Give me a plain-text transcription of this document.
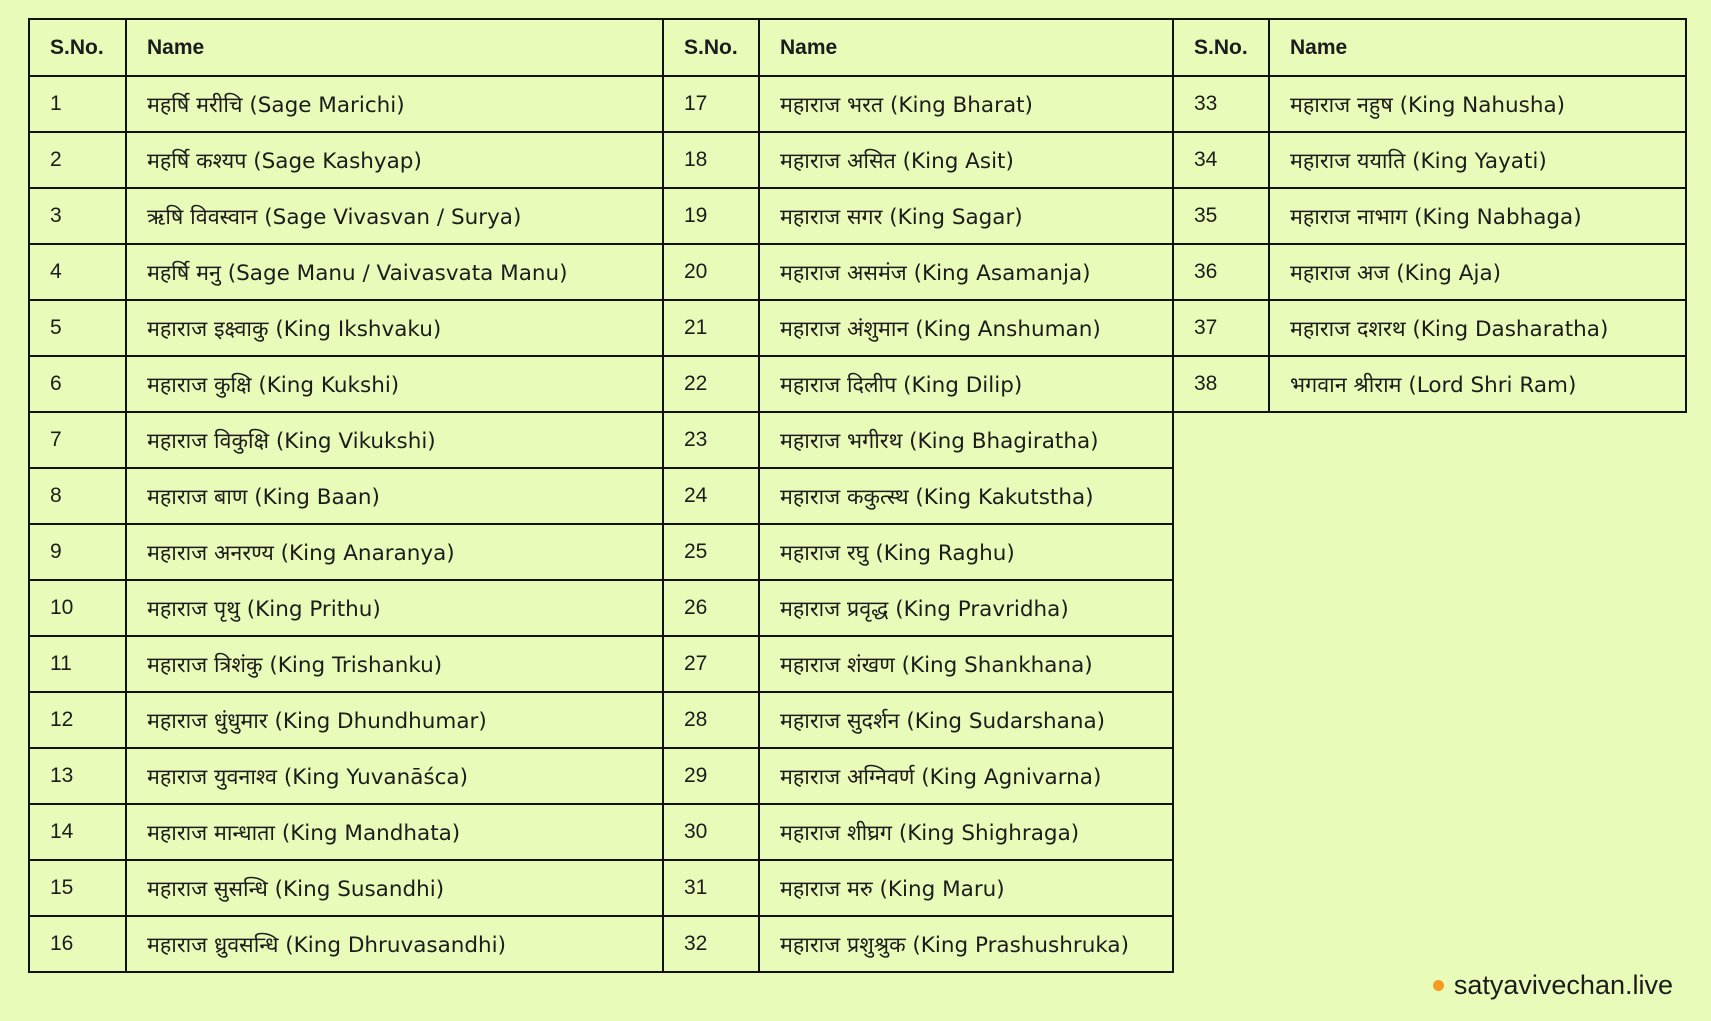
S.No.	Name
1	महर्षि मरीचि (Sage Marichi)
2	महर्षि कश्यप (Sage Kashyap)
3	ऋषि विवस्वान (Sage Vivasvan / Surya)
4	महर्षि मनु (Sage Manu / Vaivasvata Manu)
5	महाराज इक्ष्वाकु (King Ikshvaku)
6	महाराज कुक्षि (King Kukshi)
7	महाराज विकुक्षि (King Vikukshi)
8	महाराज बाण (King Baan)
9	महाराज अनरण्य (King Anaranya)
10	महाराज पृथु (King Prithu)
11	महाराज त्रिशंकु (King Trishanku)
12	महाराज धुंधुमार (King Dhundhumar)
13	महाराज युवनाश्व (King Yuvanāśca)
14	महाराज मान्धाता (King Mandhata)
15	महाराज सुसन्धि (King Susandhi)
16	महाराज ध्रुवसन्धि (King Dhruvasandhi)
S.No.	Name
17	महाराज भरत (King Bharat)
18	महाराज असित (King Asit)
19	महाराज सगर (King Sagar)
20	महाराज असमंज (King Asamanja)
21	महाराज अंशुमान (King Anshuman)
22	महाराज दिलीप (King Dilip)
23	महाराज भगीरथ (King Bhagiratha)
24	महाराज ककुत्स्थ (King Kakutstha)
25	महाराज रघु (King Raghu)
26	महाराज प्रवृद्ध (King Pravridha)
27	महाराज शंखण (King Shankhana)
28	महाराज सुदर्शन (King Sudarshana)
29	महाराज अग्निवर्ण (King Agnivarna)
30	महाराज शीघ्रग (King Shighraga)
31	महाराज मरु (King Maru)
32	महाराज प्रशुश्रुक (King Prashushruka)
S.No.	Name
33	महाराज नहुष (King Nahusha)
34	महाराज ययाति (King Yayati)
35	महाराज नाभाग (King Nabhaga)
36	महाराज अज (King Aja)
37	महाराज दशरथ (King Dasharatha)
38	भगवान श्रीराम (Lord Shri Ram)
satyavivechan.live
